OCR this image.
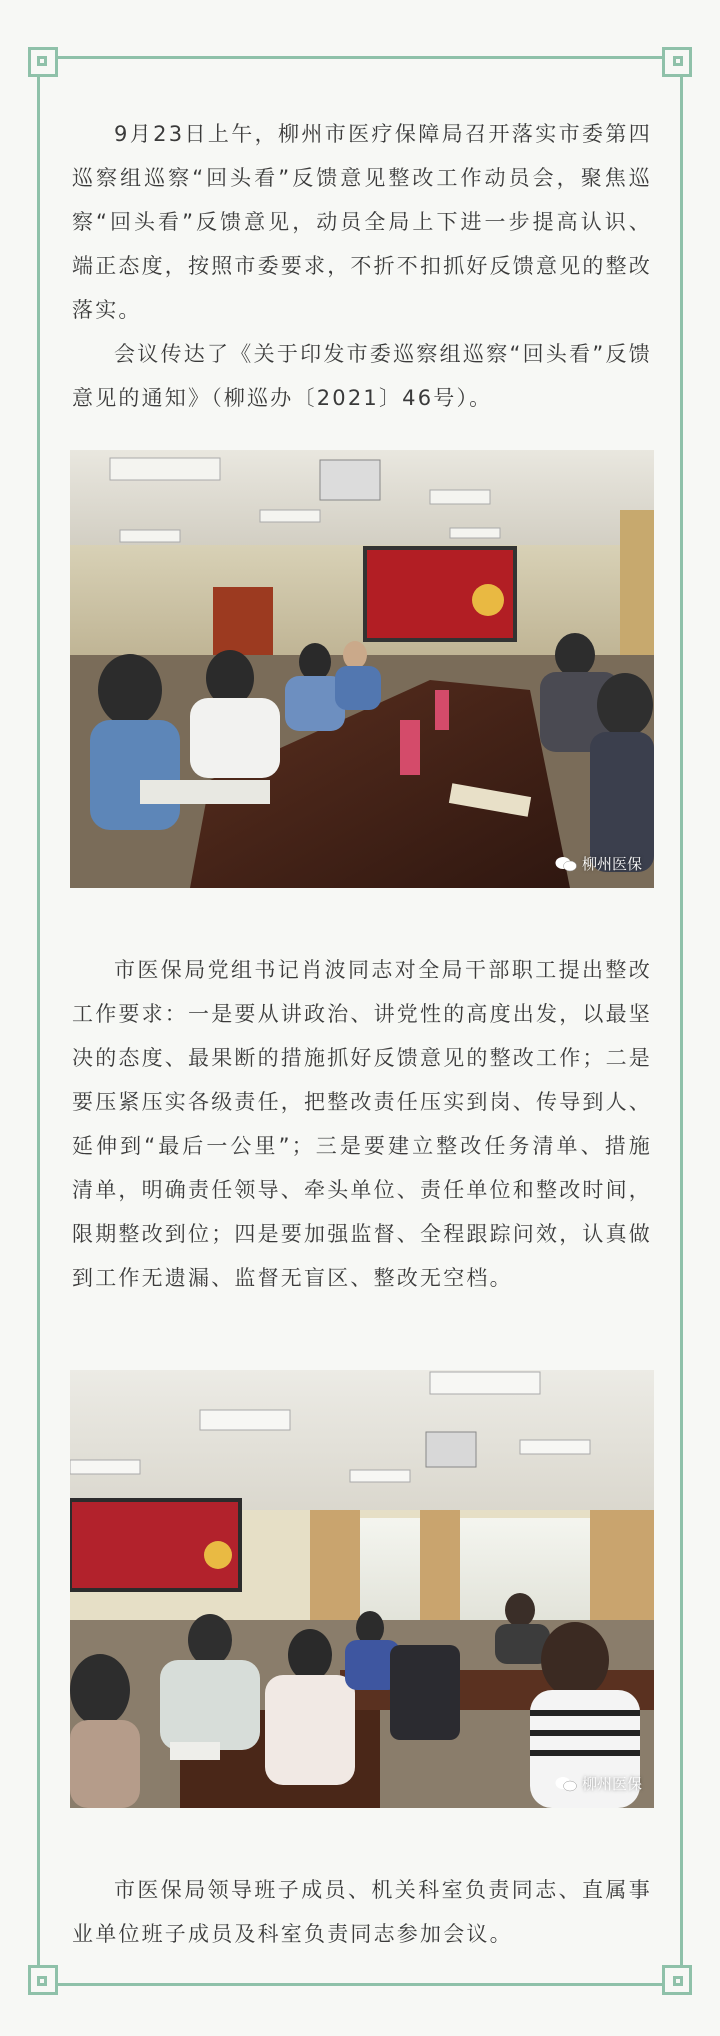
9月23日上午，柳州市医疗保障局召开落实市委第四巡察组巡察“回头看”反馈意见整改工作动员会，聚焦巡察“回头看”反馈意见，动员全局上下进一步提高认识、端正态度，按照市委要求，不折不扣抓好反馈意见的整改落实。

会议传达了《关于印发市委巡察组巡察“回头看”反馈意见的通知》（柳巡办〔2021〕46号）。

柳州医保

市医保局党组书记肖波同志对全局干部职工提出整改工作要求：一是要从讲政治、讲党性的高度出发，以最坚决的态度、最果断的措施抓好反馈意见的整改工作；二是要压紧压实各级责任，把整改责任压实到岗、传导到人、延伸到“最后一公里”；三是要建立整改任务清单、措施清单，明确责任领导、牵头单位、责任单位和整改时间，限期整改到位；四是要加强监督、全程跟踪问效，认真做到工作无遗漏、监督无盲区、整改无空档。

柳州医保

市医保局领导班子成员、机关科室负责同志、直属事业单位班子成员及科室负责同志参加会议。
